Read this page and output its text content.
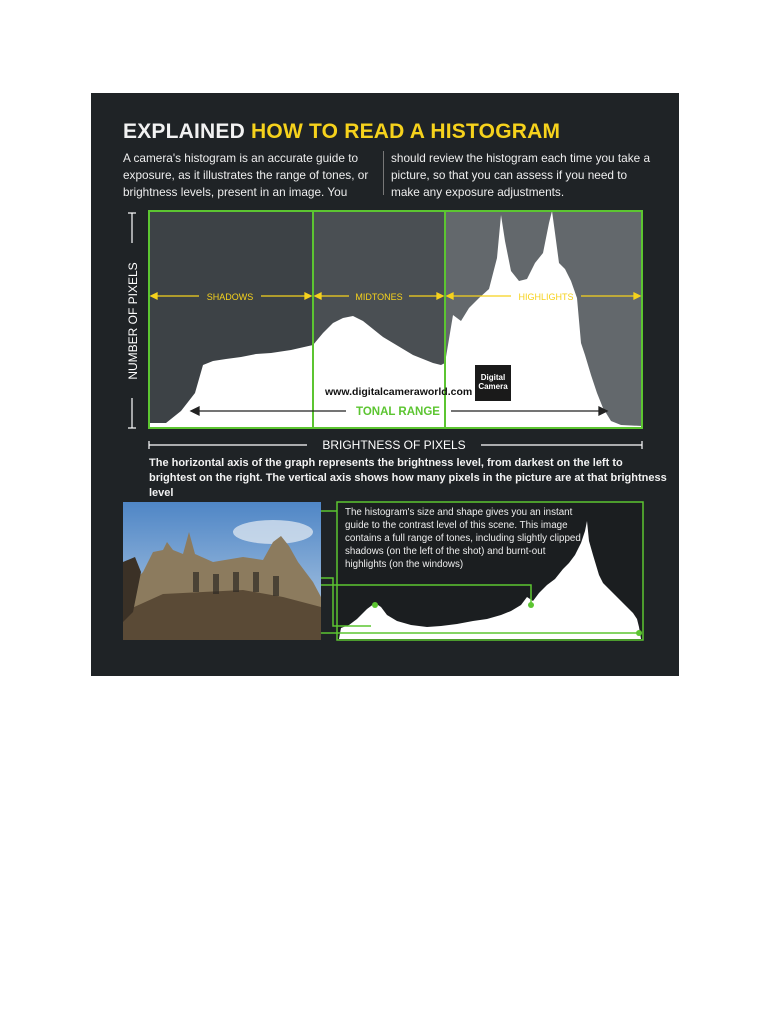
EXPLAINED HOW TO READ A HISTOGRAM
A camera's histogram is an accurate guide to exposure, as it illustrates the range of tones, or brightness levels, present in an image. You
should review the histogram each time you take a picture, so that you can assess if you need to make any exposure adjustments.
SHADOWS	MIDTONES	HIGHLIGHTS
TONAL RANGE
NUMBER OF PIXELS
BRIGHTNESS OF PIXELS
www.digitalcameraworld.com
Digital
Camera
The horizontal axis of the graph represents the brightness level, from darkest on the left to brightest on the right. The vertical axis shows how many pixels in the picture are at that brightness level
The histogram's size and shape gives you an instant guide to the contrast level of this scene. This image contains a full range of tones, including slightly clipped shadows (on the left of the shot) and burnt-out highlights (on the windows)
